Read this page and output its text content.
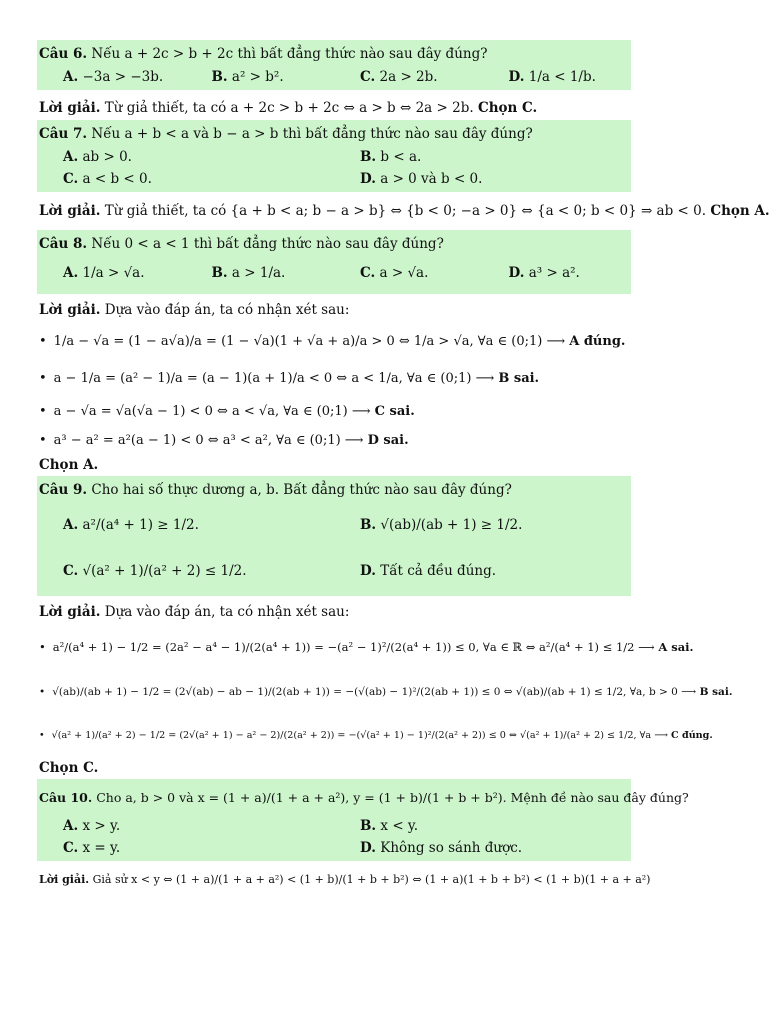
Câu 6. Nếu a + 2c > b + 2c thì bất đẳng thức nào sau đây đúng?
A. −3a > −3b.	B. a² > b².	C. 2a > 2b.	D. 1/a < 1/b.
Lời giải. Từ giả thiết, ta có a + 2c > b + 2c ⇔ a > b ⇔ 2a > 2b. Chọn C.
Câu 7. Nếu a + b < a và b − a > b thì bất đẳng thức nào sau đây đúng?
A. ab > 0.	B. b < a.
C. a < b < 0.	D. a > 0 và b < 0.
Lời giải. Từ giả thiết, ta có {a + b < a; b − a > b} ⇔ {b < 0; −a > 0} ⇔ {a < 0; b < 0} ⇒ ab < 0. Chọn A.
Câu 8. Nếu 0 < a < 1 thì bất đẳng thức nào sau đây đúng?
A. 1/a > √a.	B. a > 1/a.	C. a > √a.	D. a³ > a².
Lời giải. Dựa vào đáp án, ta có nhận xét sau:
• 1/a − √a = (1 − a√a)/a = (1 − √a)(1 + √a + a)/a > 0 ⇔ 1/a > √a, ∀a ∈ (0;1) ⟶ A đúng.
• a − 1/a = (a² − 1)/a = (a − 1)(a + 1)/a < 0 ⇔ a < 1/a, ∀a ∈ (0;1) ⟶ B sai.
• a − √a = √a(√a − 1) < 0 ⇔ a < √a, ∀a ∈ (0;1) ⟶ C sai.
• a³ − a² = a²(a − 1) < 0 ⇔ a³ < a², ∀a ∈ (0;1) ⟶ D sai.
Chọn A.
Câu 9. Cho hai số thực dương a, b. Bất đẳng thức nào sau đây đúng?
A. a²/(a⁴ + 1) ≥ 1/2.	B. √(ab)/(ab + 1) ≥ 1/2.
C. √(a² + 1)/(a² + 2) ≤ 1/2.	D. Tất cả đều đúng.
Lời giải. Dựa vào đáp án, ta có nhận xét sau:
• a²/(a⁴ + 1) − 1/2 = (2a² − a⁴ − 1)/(2(a⁴ + 1)) = −(a² − 1)²/(2(a⁴ + 1)) ≤ 0, ∀a ∈ ℝ ⇔ a²/(a⁴ + 1) ≤ 1/2 ⟶ A sai.
• √(ab)/(ab + 1) − 1/2 = (2√(ab) − ab − 1)/(2(ab + 1)) = −(√(ab) − 1)²/(2(ab + 1)) ≤ 0 ⇔ √(ab)/(ab + 1) ≤ 1/2, ∀a, b > 0 ⟶ B sai.
• √(a² + 1)/(a² + 2) − 1/2 = (2√(a² + 1) − a² − 2)/(2(a² + 2)) = −(√(a² + 1) − 1)²/(2(a² + 2)) ≤ 0 ⇔ √(a² + 1)/(a² + 2) ≤ 1/2, ∀a ⟶ C đúng.
Chọn C.
Câu 10. Cho a, b > 0 và x = (1 + a)/(1 + a + a²), y = (1 + b)/(1 + b + b²). Mệnh đề nào sau đây đúng?
A. x > y.	B. x < y.
C. x = y.	D. Không so sánh được.
Lời giải. Giả sử x < y ⇔ (1 + a)/(1 + a + a²) < (1 + b)/(1 + b + b²) ⇔ (1 + a)(1 + b + b²) < (1 + b)(1 + a + a²)
